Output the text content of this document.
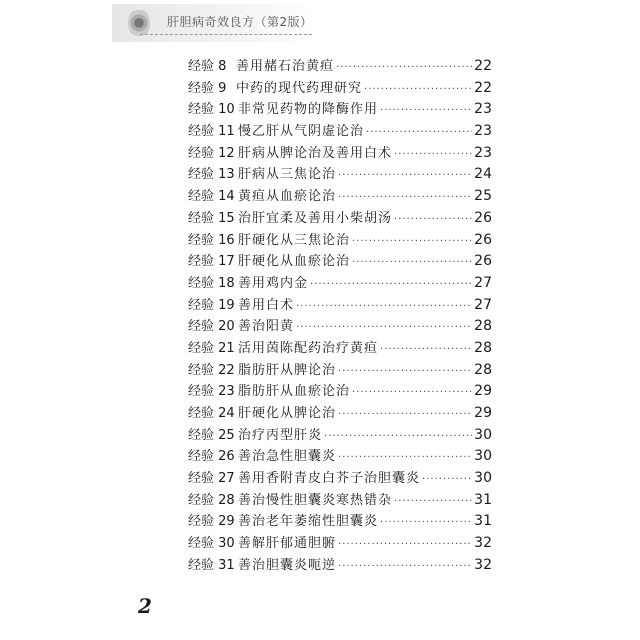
肝胆病奇效良方（第2版）
经验 8 善用赭石治黄疸 ·····	22
经验 9 中药的现代药理研究 ·····	22
经验 10 非常见药物的降酶作用 ·····	23
经验 11 慢乙肝从气阴虚论治 ·····	23
经验 12 肝病从脾论治及善用白术 ·····	23
经验 13 肝病从三焦论治 ·····	24
经验 14 黄疸从血瘀论治 ·····	25
经验 15 治肝宜柔及善用小柴胡汤 ·····	26
经验 16 肝硬化从三焦论治 ·····	26
经验 17 肝硬化从血瘀论治 ·····	26
经验 18 善用鸡内金 ·····	27
经验 19 善用白术 ·····	27
经验 20 善治阳黄 ·····	28
经验 21 活用茵陈配药治疗黄疸 ·····	28
经验 22 脂肪肝从脾论治 ·····	28
经验 23 脂肪肝从血瘀论治 ·····	29
经验 24 肝硬化从脾论治 ·····	29
经验 25 治疗丙型肝炎 ·····	30
经验 26 善治急性胆囊炎 ·····	30
经验 27 善用香附青皮白芥子治胆囊炎 ·····	30
经验 28 善治慢性胆囊炎寒热错杂 ·····	31
经验 29 善治老年萎缩性胆囊炎 ·····	31
经验 30 善解肝郁通胆腑 ·····	32
经验 31 善治胆囊炎呃逆 ·····	32
2
